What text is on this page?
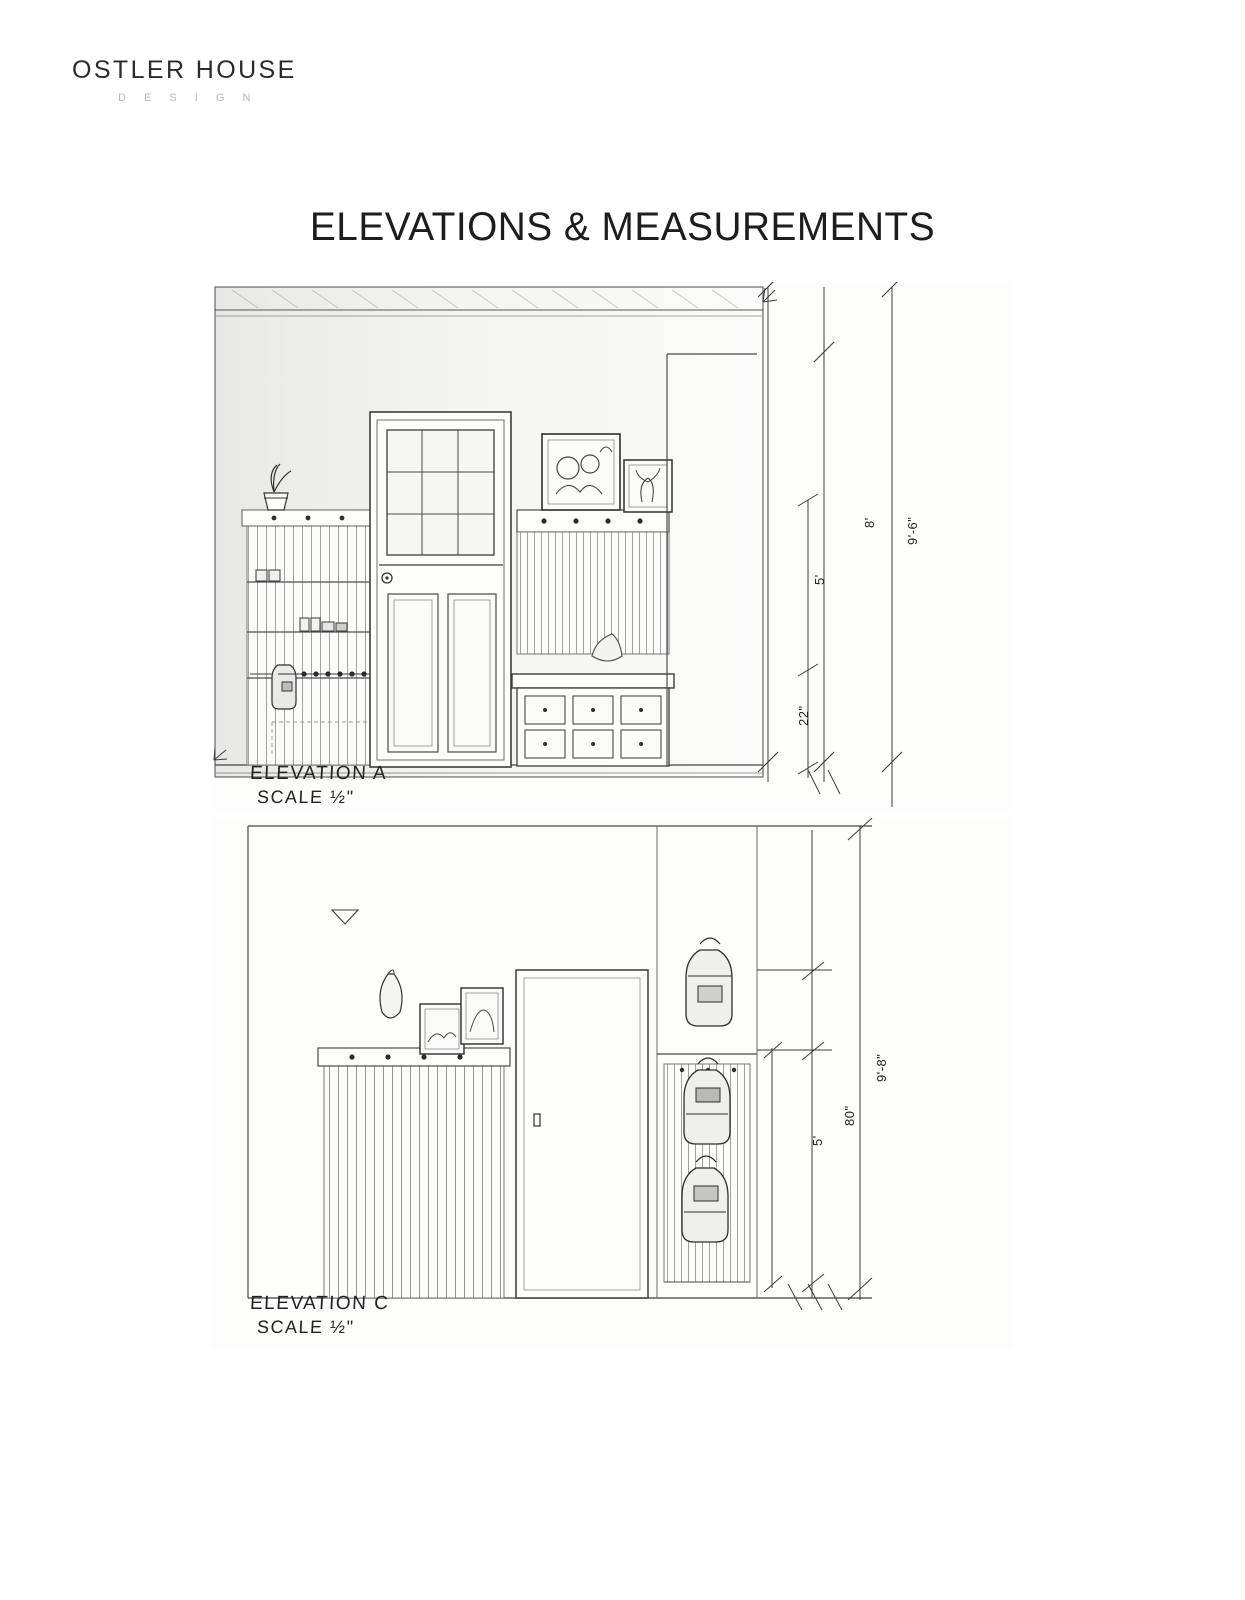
OSTLER HOUSE
D E S I G N
ELEVATIONS & MEASUREMENTS
ELEVATION A
SCALE ½"
9'-6"
8'
5'
22"
ELEVATION C
SCALE ½"
9'-8"
80"
5'
